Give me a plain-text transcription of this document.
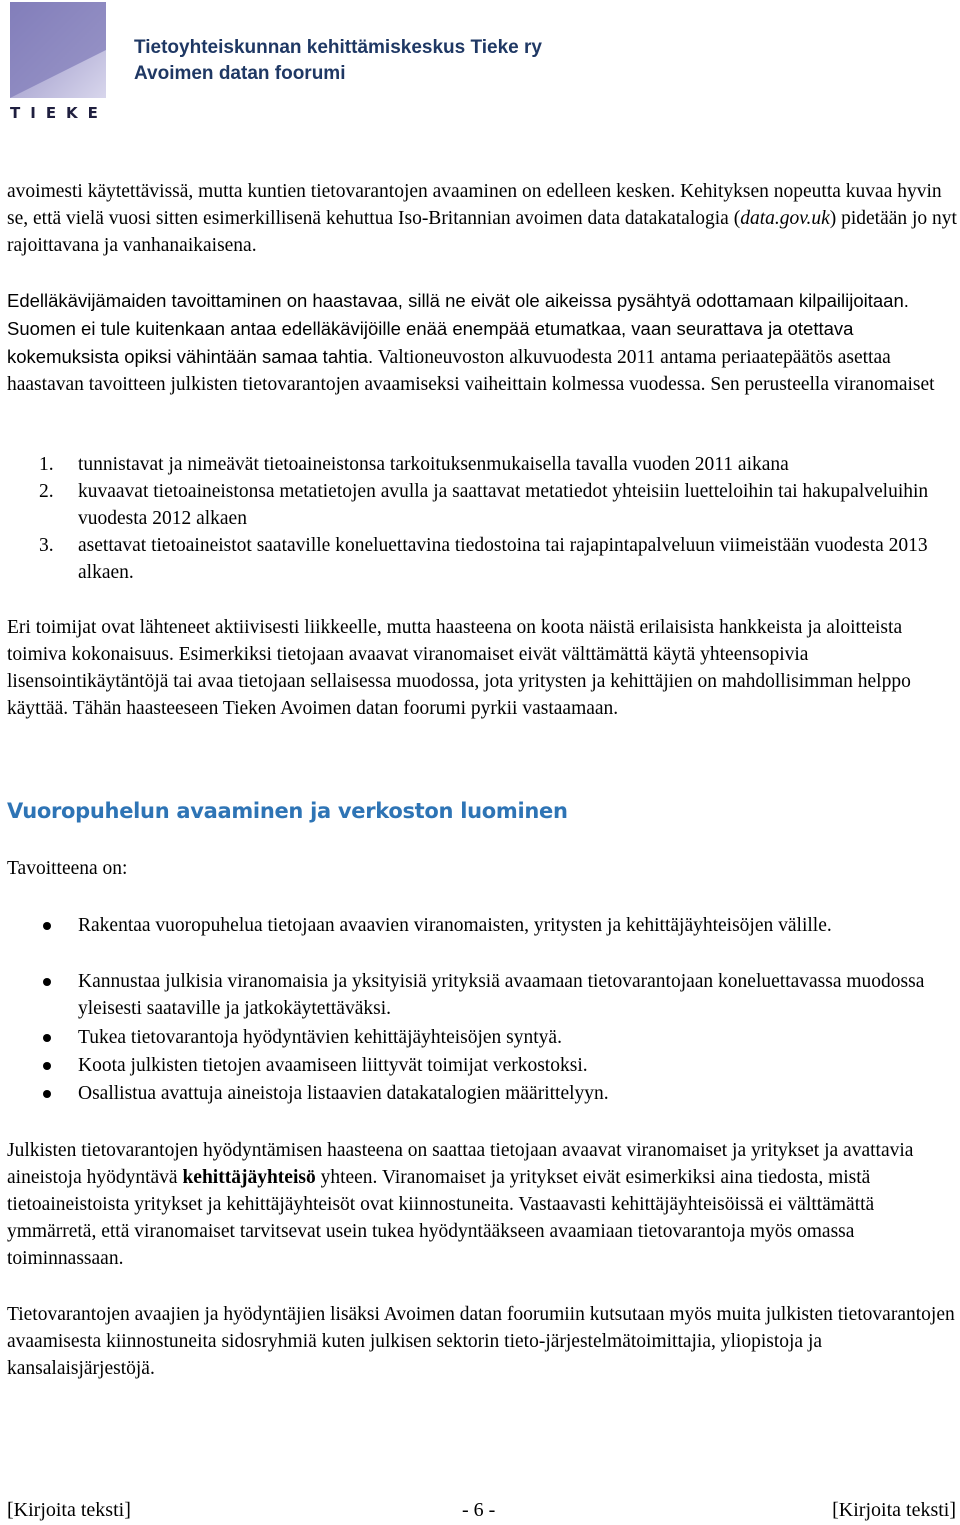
TIEKE
Tietoyhteiskunnan kehittämiskeskus Tieke ry
Avoimen datan foorumi

avoimesti käytettävissä, mutta kuntien tietovarantojen avaaminen on edelleen kesken. Kehityksen nopeutta kuvaa hyvin se, että vielä vuosi sitten esimerkillisenä kehuttua Iso-Britannian avoimen data datakatalogia (data.gov.uk) pidetään jo nyt rajoittavana ja vanhanaikaisena.

Edelläkävijämaiden tavoittaminen on haastavaa, sillä ne eivät ole aikeissa pysähtyä odottamaan kilpailijoitaan. Suomen ei tule kuitenkaan antaa edelläkävijöille enää enempää etumatkaa, vaan seurattava ja otettava kokemuksista opiksi vähintään samaa tahtia. Valtioneuvoston alkuvuodesta 2011 antama periaatepäätös asettaa haastavan tavoitteen julkisten tietovarantojen avaamiseksi vaiheittain kolmessa vuodessa. Sen perusteella viranomaiset

1. tunnistavat ja nimeävät tietoaineistonsa tarkoituksenmukaisella tavalla vuoden 2011 aikana
2. kuvaavat tietoaineistonsa metatietojen avulla ja saattavat metatiedot yhteisiin luetteloihin tai hakupalveluihin vuodesta 2012 alkaen
3. asettavat tietoaineistot saataville koneluettavina tiedostoina tai rajapintapalveluun viimeistään vuodesta 2013 alkaen.

Eri toimijat ovat lähteneet aktiivisesti liikkeelle, mutta haasteena on koota näistä erilaisista hankkeista ja aloitteista toimiva kokonaisuus. Esimerkiksi tietojaan avaavat viranomaiset eivät välttämättä käytä yhteensopivia lisensointikäytäntöjä tai avaa tietojaan sellaisessa muodossa, jota yritysten ja kehittäjien on mahdollisimman helppo käyttää. Tähän haasteeseen Tieken Avoimen datan foorumi pyrkii vastaamaan.

Vuoropuhelun avaaminen ja verkoston luominen

Tavoitteena on:

Rakentaa vuoropuhelua tietojaan avaavien viranomaisten, yritysten ja kehittäjäyhteisöjen välille.
Kannustaa julkisia viranomaisia ja yksityisiä yrityksiä avaamaan tietovarantojaan koneluettavassa muodossa yleisesti saataville ja jatkokäytettäväksi.
Tukea tietovarantoja hyödyntävien kehittäjäyhteisöjen syntyä.
Koota julkisten tietojen avaamiseen liittyvät toimijat verkostoksi.
Osallistua avattuja aineistoja listaavien datakatalogien määrittelyyn.

Julkisten tietovarantojen hyödyntämisen haasteena on saattaa tietojaan avaavat viranomaiset ja yritykset ja avattavia aineistoja hyödyntävä kehittäjäyhteisö yhteen. Viranomaiset ja yritykset eivät esimerkiksi aina tiedosta, mistä tietoaineistoista yritykset ja kehittäjäyhteisöt ovat kiinnostuneita. Vastaavasti kehittäjäyhteisöissä ei välttämättä ymmärretä, että viranomaiset tarvitsevat usein tukea hyödyntääkseen avaamiaan tietovarantoja myös omassa toiminnassaan.

Tietovarantojen avaajien ja hyödyntäjien lisäksi Avoimen datan foorumiin kutsutaan myös muita julkisten tietovarantojen avaamisesta kiinnostuneita sidosryhmiä kuten julkisen sektorin tieto-järjestelmätoimittajia, yliopistoja ja kansalaisjärjestöjä.

[Kirjoita teksti]	- 6 -	[Kirjoita teksti]
